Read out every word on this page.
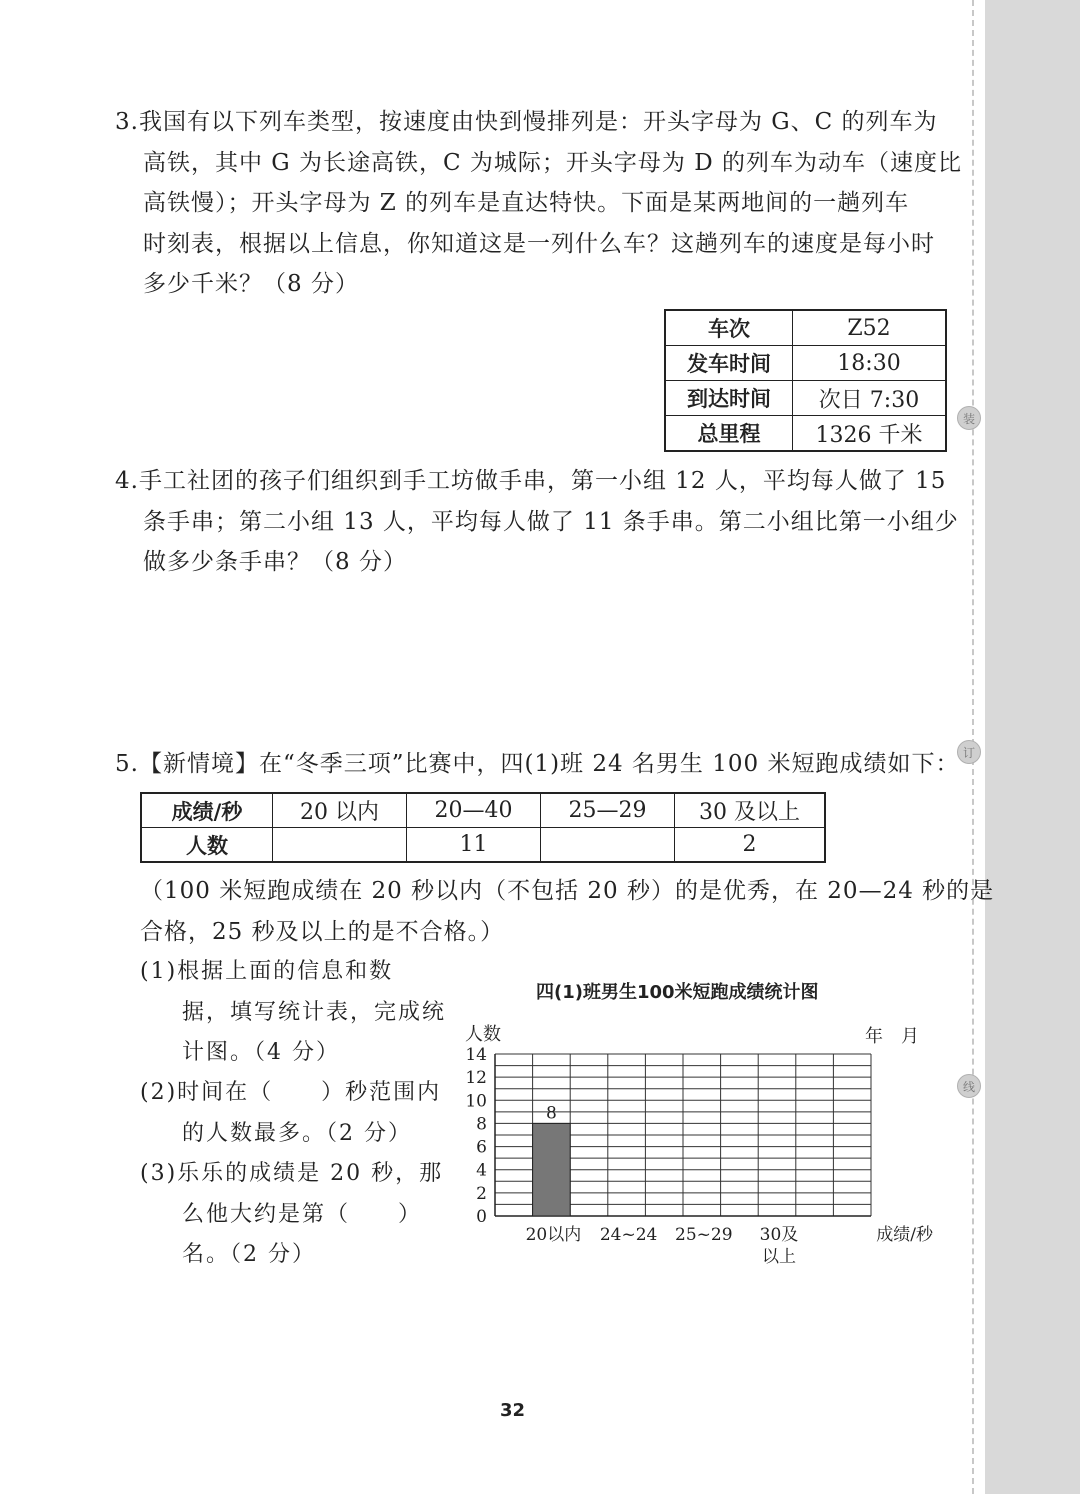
装
订
线
3.我国有以下列车类型，按速度由快到慢排列是：开头字母为 G、C 的列车为
高铁，其中 G 为长途高铁，C 为城际；开头字母为 D 的列车为动车（速度比
高铁慢）；开头字母为 Z 的列车是直达特快。下面是某两地间的一趟列车
时刻表，根据以上信息，你知道这是一列什么车？这趟列车的速度是每小时
多少千米？（8 分）
车次	Z52
发车时间	18:30
到达时间	次日 7:30
总里程	1326 千米
4.手工社团的孩子们组织到手工坊做手串，第一小组 12 人，平均每人做了 15
条手串；第二小组 13 人，平均每人做了 11 条手串。第二小组比第一小组少
做多少条手串？（8 分）
5.【新情境】在“冬季三项”比赛中，四(1)班 24 名男生 100 米短跑成绩如下：
成绩/秒	20 以内	20—40	25—29	30 及以上
人数		11		2
（100 米短跑成绩在 20 秒以内（不包括 20 秒）的是优秀，在 20—24 秒的是
合格，25 秒及以上的是不合格。）
(1)根据上面的信息和数
据，填写统计表，完成统
计图。（4 分）
(2)时间在（　　）秒范围内
的人数最多。（2 分）
(3)乐乐的成绩是 20 秒，那
么他大约是第（　　）
名。（2 分）
四(1)班男生100米短跑成绩统计图
0
2
4
6
8
10
12
14
人数	年　月
成绩/秒
8
20以内 24~24 25~29 30及
以上
32
